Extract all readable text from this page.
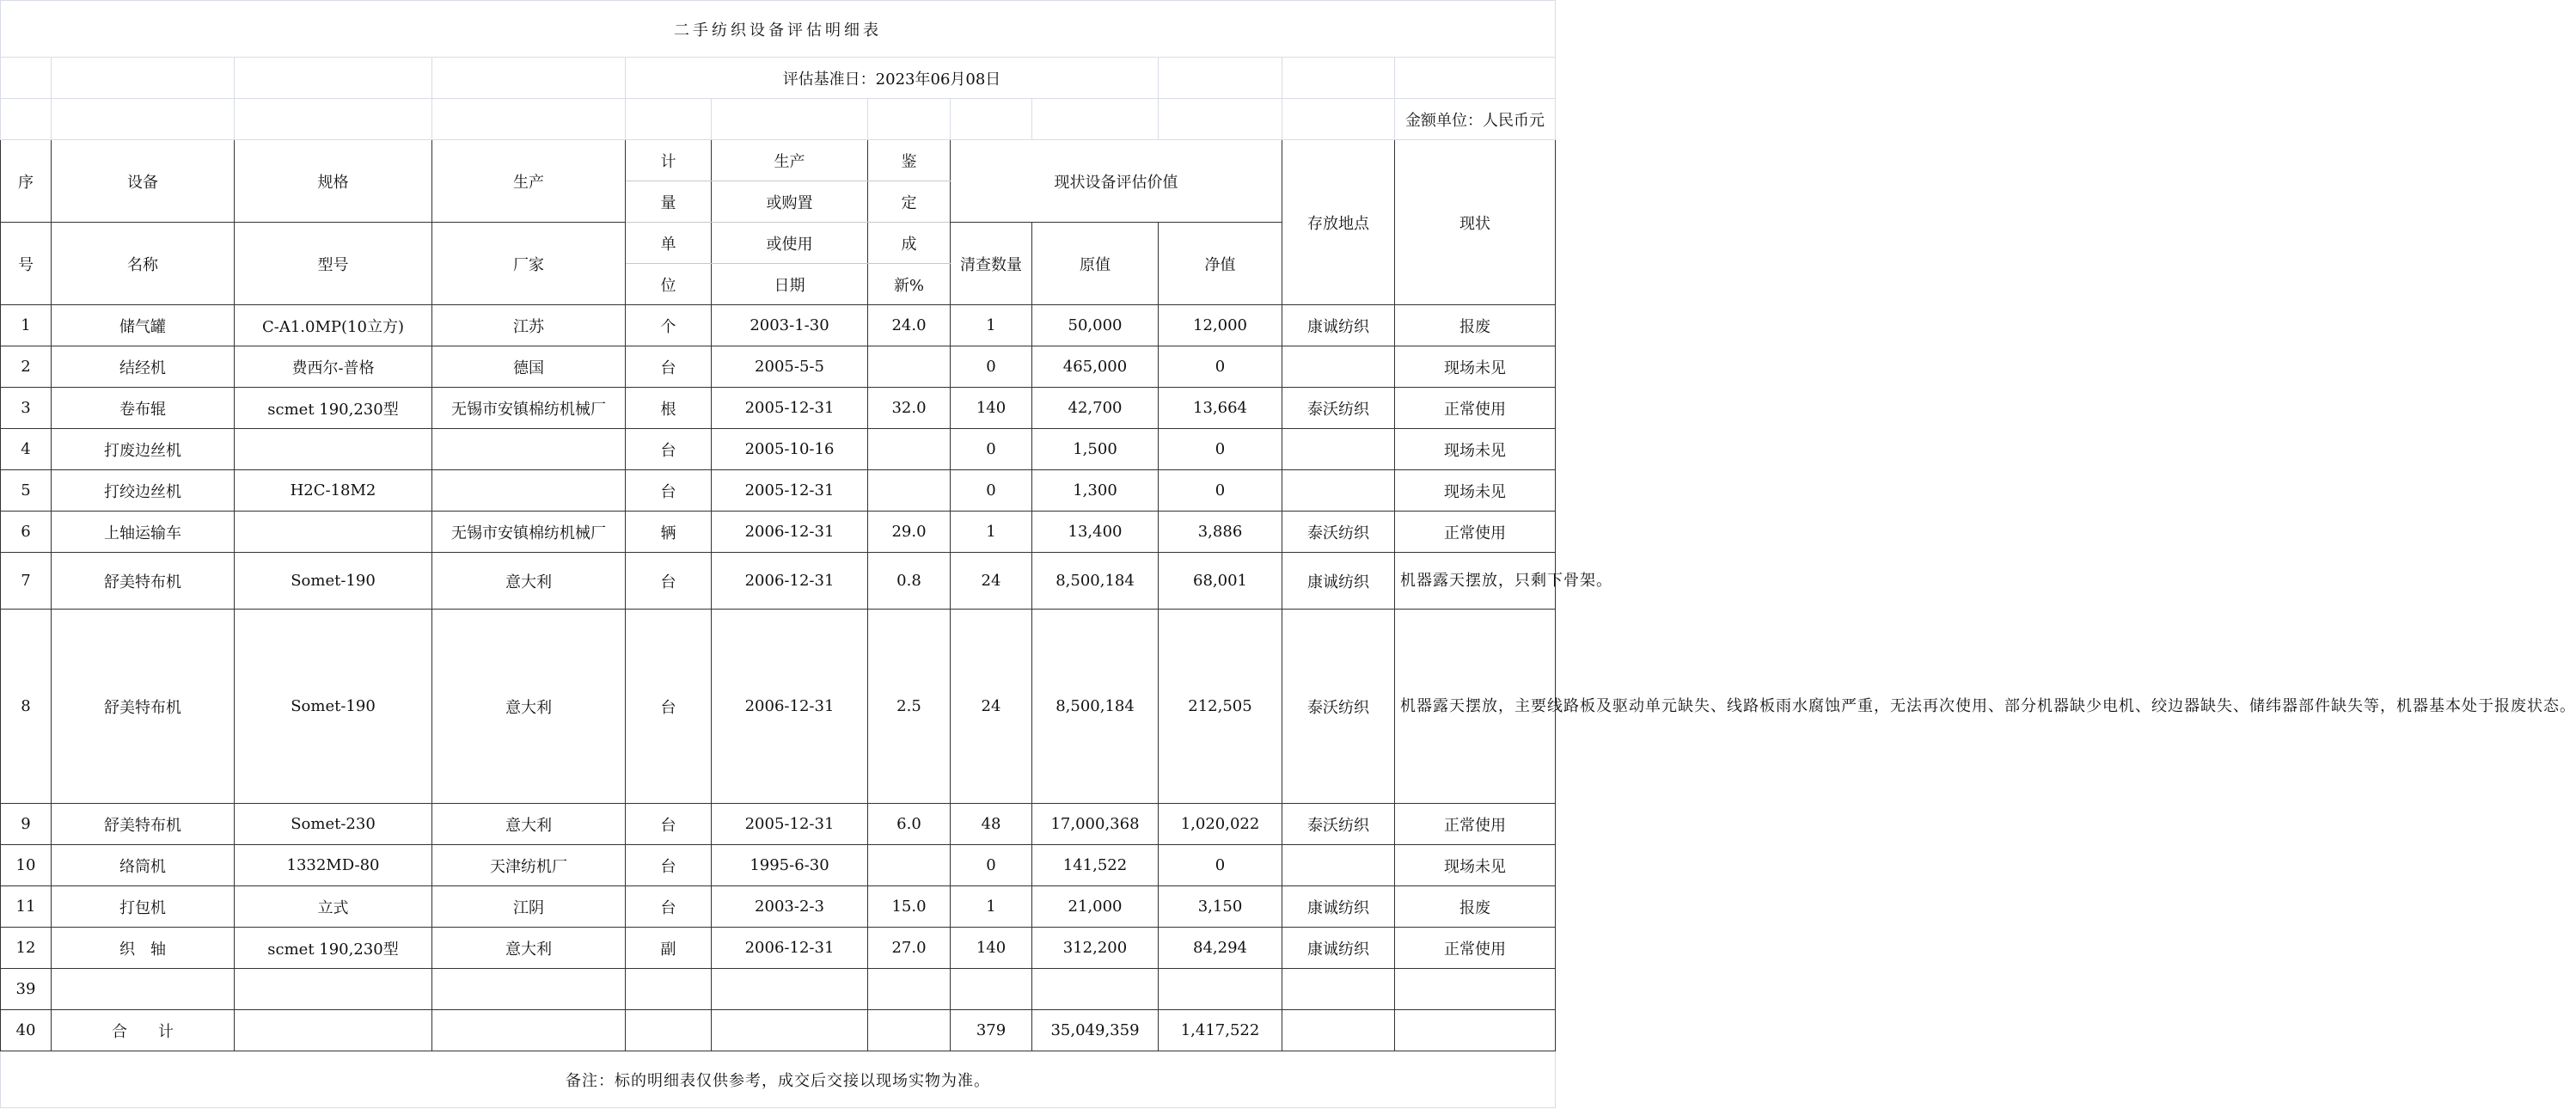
二手纺织设备评估明细表											
				评估基准日：2023年06月08日							
											金额单位：人民币元
序	设备	规格	生产	计	生产	鉴	现状设备评估价值			存放地点	现状
				量	或购置	定					
号	名称	型号	厂家	单	或使用	成	清查数量	原值	净值		
				位	日期	新%					
1	储气罐	C-A1.0MP(10立方)	江苏	个	2003-1-30	24.0	1	50,000	12,000	康诚纺织	报废
2	结经机	费西尔-普格	德国	台	2005-5-5		0	465,000	0		现场未见
3	卷布辊	scmet 190,230型	无锡市安镇棉纺机械厂	根	2005-12-31	32.0	140	42,700	13,664	泰沃纺织	正常使用
4	打废边丝机			台	2005-10-16		0	1,500	0		现场未见
5	打绞边丝机	H2C-18M2		台	2005-12-31		0	1,300	0		现场未见
6	上轴运输车		无锡市安镇棉纺机械厂	辆	2006-12-31	29.0	1	13,400	3,886	泰沃纺织	正常使用
7	舒美特布机	Somet-190	意大利	台	2006-12-31	0.8	24	8,500,184	68,001	康诚纺织	机器露天摆放，只剩下骨架。
8	舒美特布机	Somet-190	意大利	台	2006-12-31	2.5	24	8,500,184	212,505	泰沃纺织	机器露天摆放，主要线路板及驱动单元缺失、线路板雨水腐蚀严重，无法再次使用、部分机器缺少电机、绞边器缺失、储纬器部件缺失等，机器基本处于报废状态。
9	舒美特布机	Somet-230	意大利	台	2005-12-31	6.0	48	17,000,368	1,020,022	泰沃纺织	正常使用
10	络筒机	1332MD-80	天津纺机厂	台	1995-6-30		0	141,522	0		现场未见
11	打包机	立式	江阴	台	2003-2-3	15.0	1	21,000	3,150	康诚纺织	报废
12	织　轴	scmet 190,230型	意大利	副	2006-12-31	27.0	140	312,200	84,294	康诚纺织	正常使用
39											
40	合　　计						379	35,049,359	1,417,522		
备注：标的明细表仅供参考，成交后交接以现场实物为准。											
